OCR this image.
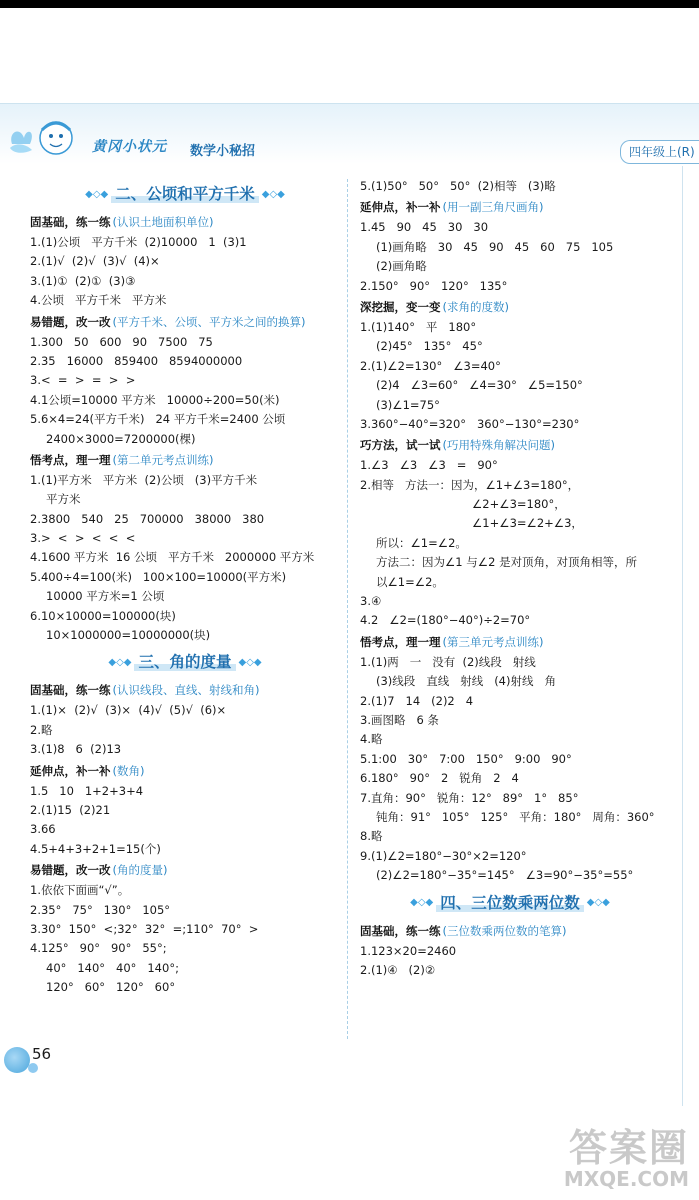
黄冈小状元 数学小秘招	四年级上(R)
◆◇◆ 二、公顷和平方千米 ◆◇◆
固基础，练一练 (认识土地面积单位)
1.(1)公顷   平方千米  (2)10000   1  (3)1
2.(1)√  (2)√  (3)√  (4)×
3.(1)①  (2)①  (3)③
4.公顷   平方千米   平方米
易错题，改一改 (平方千米、公顷、平方米之间的换算)
1.300   50   600   90   7500   75
2.35   16000   859400   8594000000
3.<  =  >  =  >  >
4.1公顷=10000 平方米   10000÷200=50(米)
5.6×4=24(平方千米)   24 平方千米=2400 公顷
2400×3000=7200000(棵)
悟考点，理一理 (第二单元考点训练)
1.(1)平方米   平方米  (2)公顷   (3)平方千米
平方米
2.3800   540   25   700000   38000   380
3.>  <  >  <  <  <
4.1600 平方米  16 公顷   平方千米   2000000 平方米
5.400÷4=100(米)   100×100=10000(平方米)
10000 平方米=1 公顷
6.10×10000=100000(块)
10×1000000=10000000(块)
◆◇◆ 三、角的度量 ◆◇◆
固基础，练一练 (认识线段、直线、射线和角)
1.(1)×  (2)√  (3)×  (4)√  (5)√  (6)×
2.略
3.(1)8   6  (2)13
延伸点，补一补 (数角)
1.5   10   1+2+3+4
2.(1)15  (2)21
3.66
4.5+4+3+2+1=15(个)
易错题，改一改 (角的度量)
1.依依下面画“√”。
2.35°   75°   130°   105°
3.30°  150°  <;32°  32°  =;110°  70°  >
4.125°   90°   90°   55°;
40°   140°   40°   140°;
120°   60°   120°   60°
5.(1)50°   50°   50°  (2)相等   (3)略
延伸点，补一补 (用一副三角尺画角)
1.45   90   45   30   30
(1)画角略   30   45   90   45   60   75   105
(2)画角略
2.150°   90°   120°   135°
深挖掘，变一变 (求角的度数)
1.(1)140°   平   180°
(2)45°   135°   45°
2.(1)∠2=130°   ∠3=40°
(2)4   ∠3=60°   ∠4=30°   ∠5=150°
(3)∠1=75°
3.360°−40°=320°   360°−130°=230°
巧方法，试一试 (巧用特殊角解决问题)
1.∠3   ∠3   ∠3   =   90°
2.相等   方法一：因为，∠1+∠3=180°，
∠2+∠3=180°，
∠1+∠3=∠2+∠3，
所以：∠1=∠2。
方法二：因为∠1 与∠2 是对顶角，对顶角相等，所
以∠1=∠2。
3.④
4.2   ∠2=(180°−40°)÷2=70°
悟考点，理一理 (第三单元考点训练)
1.(1)两   一   没有  (2)线段   射线
(3)线段   直线   射线   (4)射线   角
2.(1)7   14   (2)2   4
3.画图略   6 条
4.略
5.1:00   30°   7:00   150°   9:00   90°
6.180°   90°   2   锐角   2   4
7.直角：90°   锐角：12°   89°   1°   85°
钝角：91°   105°   125°   平角：180°   周角：360°
8.略
9.(1)∠2=180°−30°×2=120°
(2)∠2=180°−35°=145°   ∠3=90°−35°=55°
◆◇◆ 四、三位数乘两位数 ◆◇◆
固基础，练一练 (三位数乘两位数的笔算)
1.123×20=2460
2.(1)④   (2)②
56
答案圈
MXQE.COM
